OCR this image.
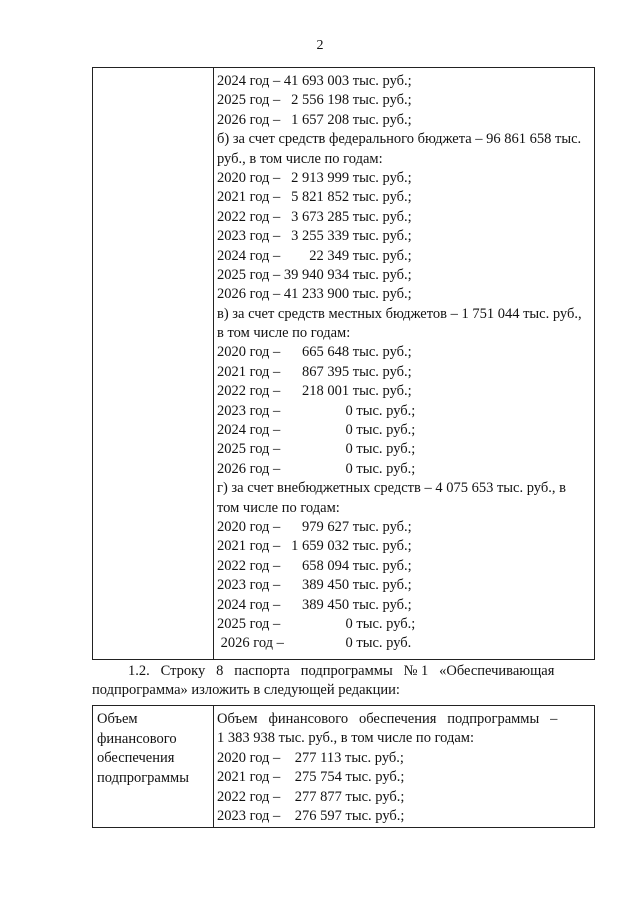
2
2024 год – 41 693 003 тыс. руб.;
2025 год –   2 556 198 тыс. руб.;
2026 год –   1 657 208 тыс. руб.;
б) за счет средств федерального бюджета – 96 861 658 тыс.
руб., в том числе по годам:
2020 год –   2 913 999 тыс. руб.;
2021 год –   5 821 852 тыс. руб.;
2022 год –   3 673 285 тыс. руб.;
2023 год –   3 255 339 тыс. руб.;
2024 год –        22 349 тыс. руб.;
2025 год – 39 940 934 тыс. руб.;
2026 год – 41 233 900 тыс. руб.;
в) за счет средств местных бюджетов – 1 751 044 тыс. руб.,
в том числе по годам:
2020 год –      665 648 тыс. руб.;
2021 год –      867 395 тыс. руб.;
2022 год –      218 001 тыс. руб.;
2023 год –                  0 тыс. руб.;
2024 год –                  0 тыс. руб.;
2025 год –                  0 тыс. руб.;
2026 год –                  0 тыс. руб.;
г) за счет внебюджетных средств – 4 075 653 тыс. руб., в
том числе по годам:
2020 год –      979 627 тыс. руб.;
2021 год –   1 659 032 тыс. руб.;
2022 год –      658 094 тыс. руб.;
2023 год –      389 450 тыс. руб.;
2024 год –      389 450 тыс. руб.;
2025 год –                  0 тыс. руб.;
2026 год –                 0 тыс. руб.
1.2.   Строку   8   паспорта   подпрограммы   № 1   «Обеспечивающая
подпрограмма» изложить в следующей редакции:
Объем
финансового
обеспечения
подпрограммы
Объем   финансового   обеспечения   подпрограммы   –
1 383 938 тыс. руб., в том числе по годам:
2020 год –    277 113 тыс. руб.;
2021 год –    275 754 тыс. руб.;
2022 год –    277 877 тыс. руб.;
2023 год –    276 597 тыс. руб.;
